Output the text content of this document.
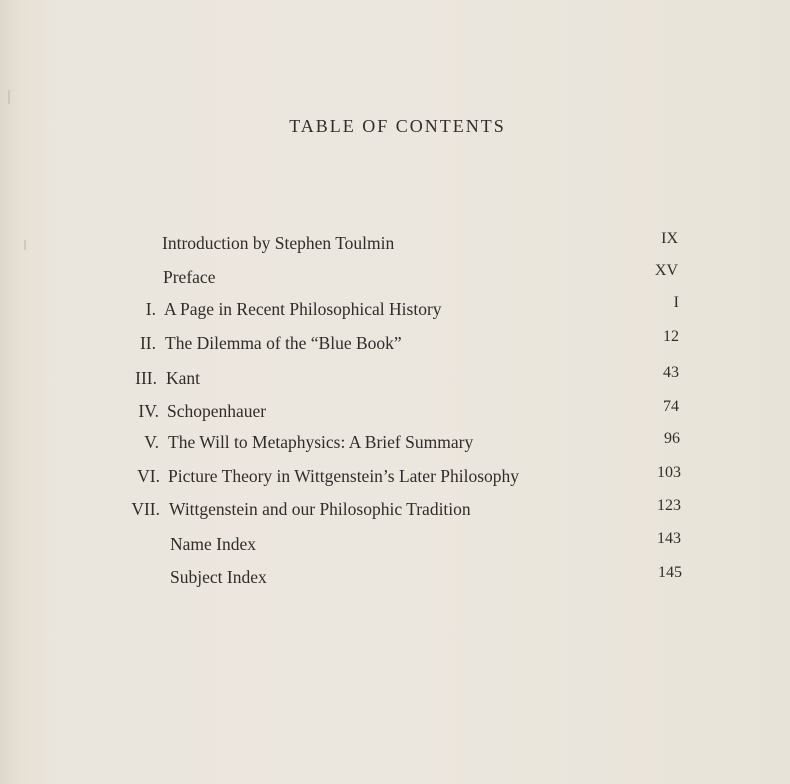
TABLE OF CONTENTS
Introduction by Stephen Toulmin	IX
Preface	XV
I. A Page in Recent Philosophical History	I
II. The Dilemma of the “Blue Book”	12
III. Kant	43
IV. Schopenhauer	74
V. The Will to Metaphysics: A Brief Summary	96
VI. Picture Theory in Wittgenstein’s Later Philosophy	103
VII. Wittgenstein and our Philosophic Tradition	123
Name Index	143
Subject Index	145
